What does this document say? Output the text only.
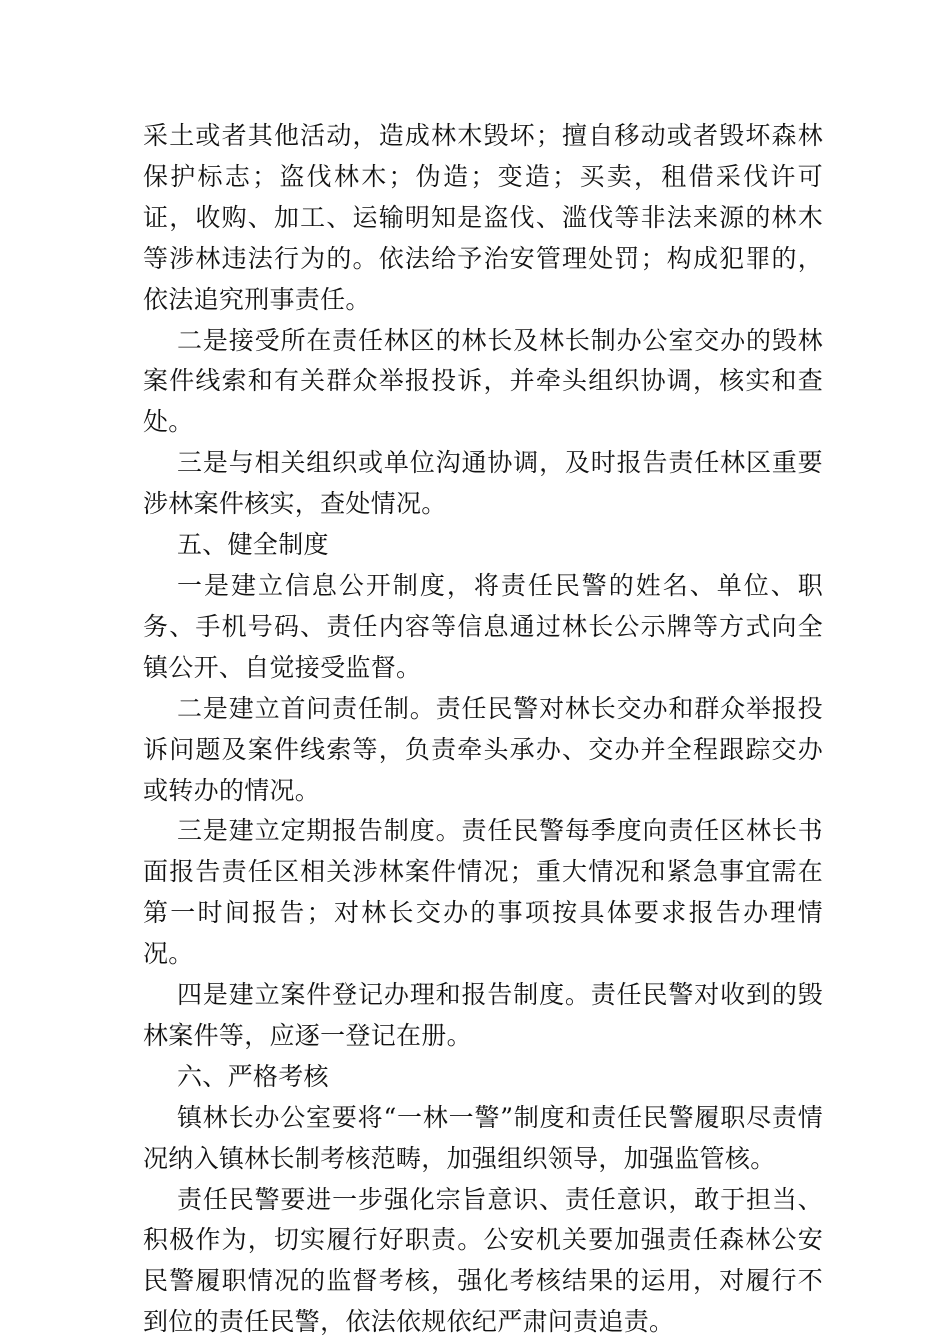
采土或者其他活动，造成林木毁坏；擅自移动或者毁坏森林保护标志；盗伐林木；伪造；变造；买卖，租借采伐许可证，收购、加工、运输明知是盗伐、滥伐等非法来源的林木等涉林违法行为的。依法给予治安管理处罚；构成犯罪的，依法追究刑事责任。

二是接受所在责任林区的林长及林长制办公室交办的毁林案件线索和有关群众举报投诉，并牵头组织协调，核实和查处。

三是与相关组织或单位沟通协调，及时报告责任林区重要涉林案件核实，查处情况。

五、健全制度

一是建立信息公开制度，将责任民警的姓名、单位、职务、手机号码、责任内容等信息通过林长公示牌等方式向全镇公开、自觉接受监督。

二是建立首问责任制。责任民警对林长交办和群众举报投诉问题及案件线索等，负责牵头承办、交办并全程跟踪交办或转办的情况。

三是建立定期报告制度。责任民警每季度向责任区林长书面报告责任区相关涉林案件情况；重大情况和紧急事宜需在第一时间报告；对林长交办的事项按具体要求报告办理情况。

四是建立案件登记办理和报告制度。责任民警对收到的毁林案件等，应逐一登记在册。

六、严格考核

镇林长办公室要将“一林一警”制度和责任民警履职尽责情况纳入镇林长制考核范畴，加强组织领导，加强监管核。

责任民警要进一步强化宗旨意识、责任意识，敢于担当、积极作为，切实履行好职责。公安机关要加强责任森林公安民警履职情况的监督考核，强化考核结果的运用，对履行不到位的责任民警，依法依规依纪严肃问责追责。
